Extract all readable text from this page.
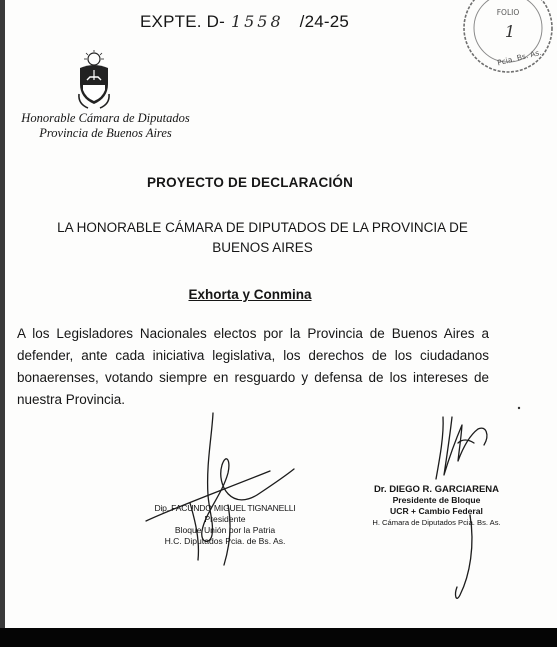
EXPTE. D- 1558 /24-25	FOLIO
1
Pcia. Bs. As.
Honorable Cámara de Diputados
Provincia de Buenos Aires
PROYECTO DE DECLARACIÓN
LA HONORABLE CÁMARA DE DIPUTADOS DE LA PROVINCIA DE BUENOS AIRES
Exhorta y Conmina
A los Legisladores Nacionales electos por la Provincia de Buenos Aires a defender, ante cada iniciativa legislativa, los derechos de los ciudadanos bonaerenses, votando siempre en resguardo y defensa de los intereses de nuestra Provincia.
Dip. FACUNDO MIGUEL TIGNANELLI
Presidente
Bloque Unión por la Patria
H.C. Diputados Pcia. de Bs. As.
Dr. DIEGO R. GARCIARENA
Presidente de Bloque
UCR + Cambio Federal
H. Cámara de Diputados Pcia. Bs. As.
